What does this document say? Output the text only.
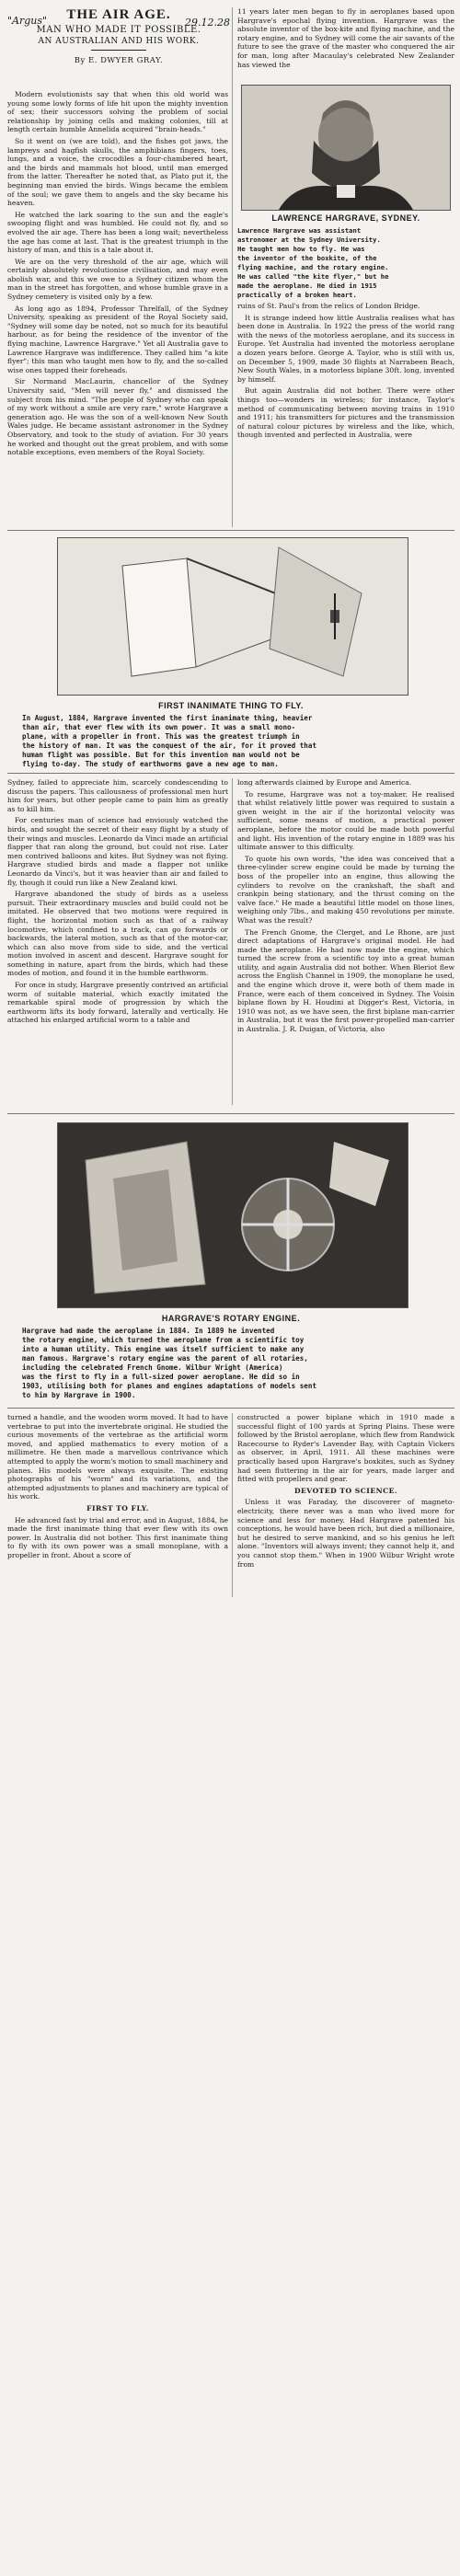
"Argus"	29.12.28
THE AIR AGE.
MAN WHO MADE IT POSSIBLE.
AN AUSTRALIAN AND HIS WORK.
By E. DWYER GRAY.

Modern evolutionists say that when this old world was young some lowly forms of life hit upon the mighty invention of sex; their successors solving the problem of social relationship by joining cells and making colonies, till at length certain humble Annelida acquired "brain-heads."

So it went on (we are told), and the fishes got jaws, the lampreys and hagfish skulls, the amphibians fingers, toes, lungs, and a voice, the crocodiles a four-chambered heart, and the birds and mammals hot blood, until man emerged from the latter. Thereafter he noted that, as Plato put it, the beginning man envied the birds. Wings became the emblem of the soul; we gave them to angels and the sky became his heaven.

He watched the lark soaring to the sun and the eagle's swooping flight and was humbled. He could not fly, and so evolved the air age. There has been a long wait; nevertheless the age has come at last. That is the greatest triumph in the history of man, and this is a tale about it.

We are on the very threshold of the air age, which will certainly absolutely revolutionise civilisation, and may even abolish war, and this we owe to a Sydney citizen whom the man in the street has forgotten, and whose humble grave in a Sydney cemetery is visited only by a few.

As long ago as 1894, Professor Threlfall, of the Sydney University, speaking as president of the Royal Society said, "Sydney will some day be noted, not so much for its beautiful harbour, as for being the residence of the inventor of the flying machine, Lawrence Hargrave." Yet all Australia gave to Lawrence Hargrave was indifference. They called him "a kite flyer"; this man who taught men how to fly, and the so-called wise ones tapped their foreheads.

Sir Normand MacLaurin, chancellor of the Sydney University said, "Men will never fly," and dismissed the subject from his mind. "The people of Sydney who can speak of my work without a smile are very rare," wrote Hargrave a generation ago. He was the son of a well-known New South Wales judge. He became assistant astronomer in the Sydney Observatory, and took to the study of aviation. For 30 years he worked and thought out the great problem, and with some notable exceptions, even members of the Royal Society.

11 years later men began to fly in aeroplanes based upon Hargrave's epochal flying invention. Hargrave was the absolute inventor of the box-kite and flying machine, and the rotary engine, and to Sydney will come the air savants of the future to see the grave of the master who conquered the air for man, long after Macaulay's celebrated New Zealander has viewed the

LAWRENCE HARGRAVE, SYDNEY.
Lawrence Hargrave was assistant
astronomer at the Sydney University.
He taught men how to fly. He was
the inventor of the boxkite, of the
flying machine, and the rotary engine.
He was called "the kite flyer," but he
made the aeroplane. He died in 1915
practically of a broken heart.

ruins of St. Paul's from the relics of London Bridge.

It is strange indeed how little Australia realises what has been done in Australia. In 1922 the press of the world rang with the news of the motorless aeroplane, and its success in Europe. Yet Australia had invented the motorless aeroplane a dozen years before. George A. Taylor, who is still with us, on December 5, 1909, made 30 flights at Narrabeen Beach, New South Wales, in a motorless biplane 30ft. long, invented by himself.

But again Australia did not bother. There were other things too—wonders in wireless; for instance, Taylor's method of communicating between moving trains in 1910 and 1911; his transmitters for pictures and the transmission of natural colour pictures by wireless and the like, which, though invented and perfected in Australia, were

FIRST INANIMATE THING TO FLY.
In August, 1884, Hargrave invented the first inanimate thing, heavier
than air, that ever flew with its own power. It was a small mono-
plane, with a propeller in front. This was the greatest triumph in
the history of man. It was the conquest of the air, for it proved that
human flight was possible. But for this invention man would not be
flying to-day. The study of earthworms gave a new age to man.

Sydney, failed to appreciate him, scarcely condescending to discuss the papers. This callousness of professional men hurt him for years, but other people came to pain him as greatly as to kill him.

For centuries man of science had enviously watched the birds, and sought the secret of their easy flight by a study of their wings and muscles. Leonardo da Vinci made an artificial flapper that ran along the ground, but could not rise. Later men contrived balloons and kites. But Sydney was not flying. Hargrave studied birds and made a flapper not unlike Leonardo da Vinci's, but it was heavier than air and failed to fly, though it could run like a New Zealand kiwi.

Hargrave abandoned the study of birds as a useless pursuit. Their extraordinary muscles and build could not be imitated. He observed that two motions were required in flight, the horizontal motion such as that of a railway locomotive, which confined to a track, can go forwards or backwards, the lateral motion, such as that of the motor-car, which can also move from side to side, and the vertical motion involved in ascent and descent. Hargrave sought for something in nature, apart from the birds, which had these modes of motion, and found it in the humble earthworm.

For once in study, Hargrave presently contrived an artificial worm of suitable material, which exactly imitated the remarkable spiral mode of progression by which the earthworm lifts its body forward, laterally and vertically. He attached his enlarged artificial worm to a table and

long afterwards claimed by Europe and America.

To resume, Hargrave was not a toy-maker. He realised that whilst relatively little power was required to sustain a given weight in the air if the horizontal velocity was sufficient, some means of motion, a practical power aeroplane, before the motor could be made both powerful and light. His invention of the rotary engine in 1889 was his ultimate answer to this difficulty.

To quote his own words, "the idea was conceived that a three-cylinder screw engine could be made by turning the boss of the propeller into an engine, thus allowing the cylinders to revolve on the crankshaft, the shaft and crankpin being stationary, and the thrust coming on the valve face." He made a beautiful little model on those lines, weighing only 7lbs., and making 450 revolutions per minute. What was the result?

The French Gnome, the Clerget, and Le Rhone, are just direct adaptations of Hargrave's original model. He had made the aeroplane. He had now made the engine, which turned the screw from a scientific toy into a great human utility, and again Australia did not bother. When Bleriot flew across the English Channel in 1909, the monoplane he used, and the engine which drove it, were both of them made in France, were each of them conceived in Sydney. The Voisin biplane flown by H. Houdini at Digger's Rest, Victoria, in 1910 was not, as we have seen, the first biplane man-carrier in Australia, but it was the first power-propelled man-carrier in Australia. J. R. Duigan, of Victoria, also

HARGRAVE'S ROTARY ENGINE.
Hargrave had made the aeroplane in 1884. In 1889 he invented
the rotary engine, which turned the aeroplane from a scientific toy
into a human utility. This engine was itself sufficient to make any
man famous. Hargrave's rotary engine was the parent of all rotaries,
including the celebrated French Gnome. Wilbur Wright (America)
was the first to fly in a full-sized power aeroplane. He did so in
1903, utilising both for planes and engines adaptations of models sent
to him by Hargrave in 1900.

turned a handle, and the wooden worm moved. It had to have vertebrae to put into the invertebrate original. He studied the curious movements of the vertebrae as the artificial worm moved, and applied mathematics to every motion of a millimetre. He then made a marvellous contrivance which attempted to apply the worm's motion to small machinery and planes. His models were always exquisite. The existing photographs of his "worm" and its variations, and the attempted adjustments to planes and machinery are typical of his work.

FIRST TO FLY.

He advanced fast by trial and error, and in August, 1884, he made the first inanimate thing that ever flew with its own power. In Australia did not bother. This first inanimate thing to fly with its own power was a small monoplane, with a propeller in front. About a score of

constructed a power biplane which in 1910 made a successful flight of 100 yards at Spring Plains. These were followed by the Bristol aeroplane, which flew from Randwick Racecourse to Ryder's Lavender Bay, with Captain Vickers as observer, in April, 1911. All these machines were practically based upon Hargrave's boxkites, such as Sydney had seen fluttering in the air for years, made larger and fitted with propellers and gear.

DEVOTED TO SCIENCE.

Unless it was Faraday, the discoverer of magneto-electricity, there never was a man who lived more for science and less for money. Had Hargrave patented his conceptions, he would have been rich, but died a millionaire, but he desired to serve mankind, and so his genius he left alone. "Inventors will always invent; they cannot help it, and you cannot stop them." When in 1900 Wilbur Wright wrote from
